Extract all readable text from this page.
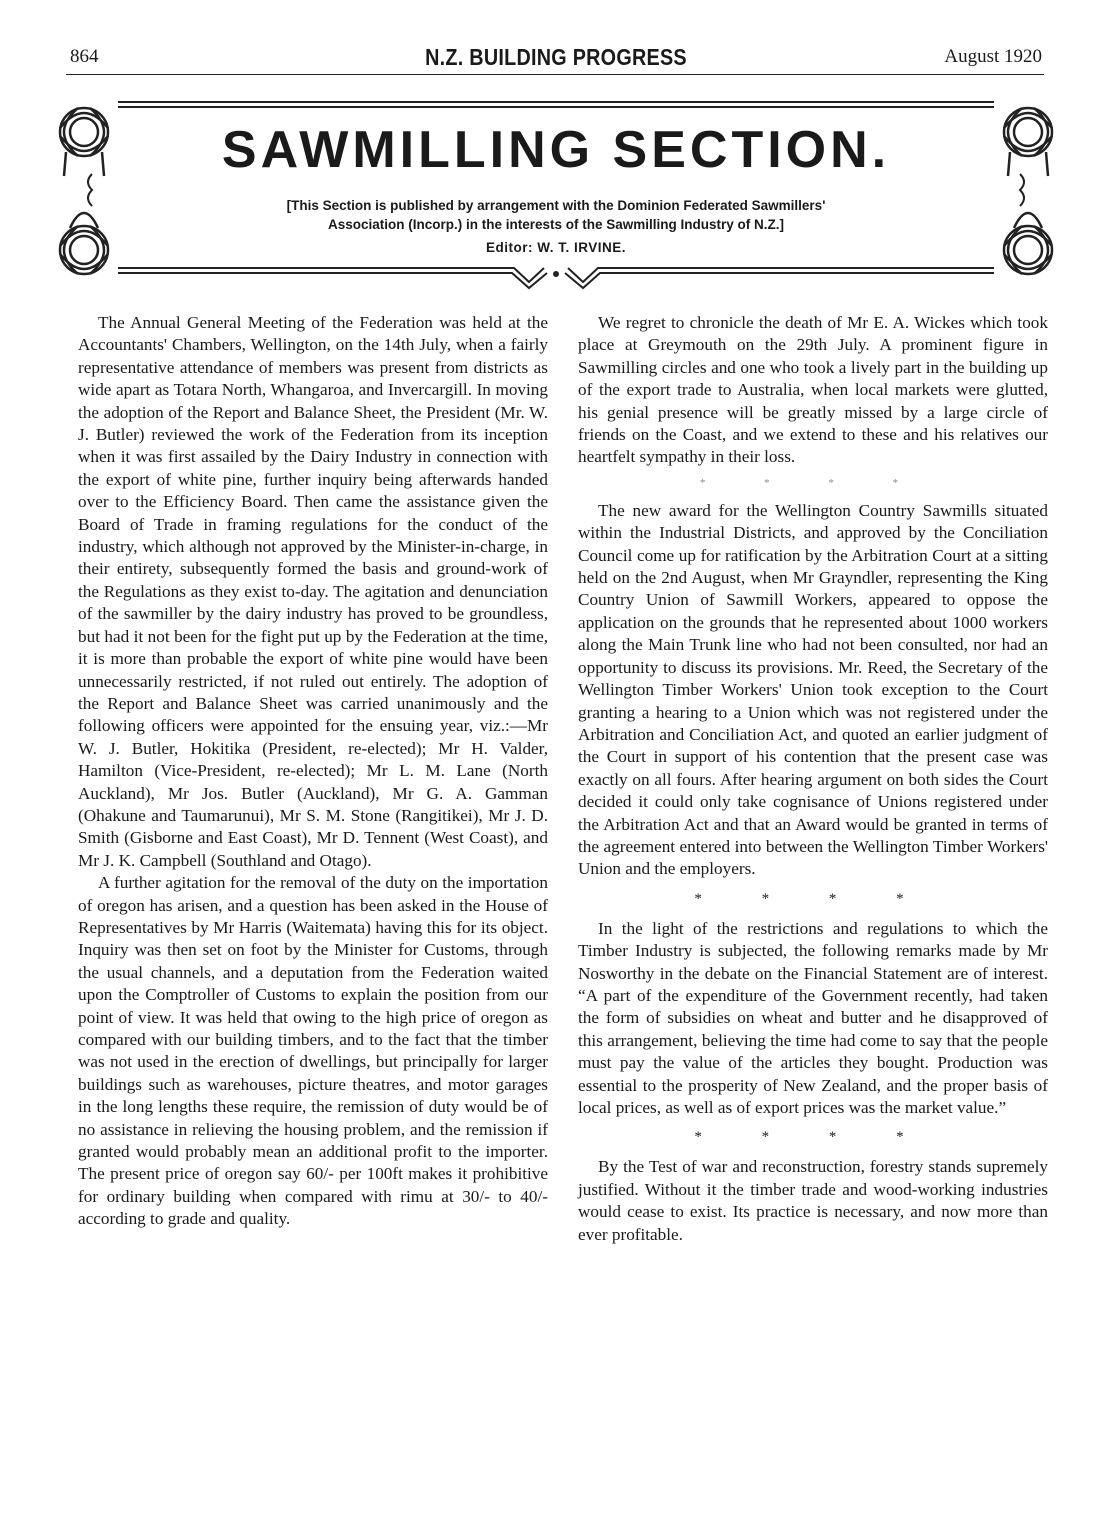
864	N.Z. BUILDING PROGRESS	August 1920
SAWMILLING SECTION.
[This Section is published by arrangement with the Dominion Federated Sawmillers'
Association (Incorp.) in the interests of the Sawmilling Industry of N.Z.]
Editor: W. T. IRVINE.

The Annual General Meeting of the Federation was held at the Accountants' Chambers, Wellington, on the 14th July, when a fairly representative attendance of members was present from districts as wide apart as Totara North, Whangaroa, and Invercargill. In moving the adoption of the Report and Balance Sheet, the President (Mr. W. J. Butler) reviewed the work of the Federation from its inception when it was first assailed by the Dairy Industry in connection with the export of white pine, further inquiry being afterwards handed over to the Efficiency Board. Then came the assistance given the Board of Trade in framing regulations for the conduct of the industry, which although not approved by the Minister-in-charge, in their entirety, subsequently formed the basis and ground-work of the Regulations as they exist to-day. The agitation and denunciation of the sawmiller by the dairy industry has proved to be groundless, but had it not been for the fight put up by the Federation at the time, it is more than probable the export of white pine would have been unnecessarily restricted, if not ruled out entirely. The adoption of the Report and Balance Sheet was carried unanimously and the following officers were appointed for the ensuing year, viz.:—Mr W. J. Butler, Hokitika (President, re-elected); Mr H. Valder, Hamilton (Vice-President, re-elected); Mr L. M. Lane (North Auckland), Mr Jos. Butler (Auckland), Mr G. A. Gamman (Ohakune and Taumarunui), Mr S. M. Stone (Rangitikei), Mr J. D. Smith (Gisborne and East Coast), Mr D. Tennent (West Coast), and Mr J. K. Campbell (Southland and Otago).

A further agitation for the removal of the duty on the importation of oregon has arisen, and a question has been asked in the House of Representatives by Mr Harris (Waitemata) having this for its object. Inquiry was then set on foot by the Minister for Customs, through the usual channels, and a deputation from the Federation waited upon the Comptroller of Customs to explain the position from our point of view. It was held that owing to the high price of oregon as compared with our building timbers, and to the fact that the timber was not used in the erection of dwellings, but principally for larger buildings such as warehouses, picture theatres, and motor garages in the long lengths these require, the remission of duty would be of no assistance in relieving the housing problem, and the remission if granted would probably mean an additional profit to the importer. The present price of oregon say 60/- per 100ft makes it prohibitive for ordinary building when compared with rimu at 30/- to 40/- according to grade and quality.

We regret to chronicle the death of Mr E. A. Wickes which took place at Greymouth on the 29th July. A prominent figure in Sawmilling circles and one who took a lively part in the building up of the export trade to Australia, when local markets were glutted, his genial presence will be greatly missed by a large circle of friends on the Coast, and we extend to these and his relatives our heartfelt sympathy in their loss.

* * * *

The new award for the Wellington Country Sawmills situated within the Industrial Districts, and approved by the Conciliation Council come up for ratification by the Arbitration Court at a sitting held on the 2nd August, when Mr Grayndler, representing the King Country Union of Sawmill Workers, appeared to oppose the application on the grounds that he represented about 1000 workers along the Main Trunk line who had not been consulted, nor had an opportunity to discuss its provisions. Mr. Reed, the Secretary of the Wellington Timber Workers' Union took exception to the Court granting a hearing to a Union which was not registered under the Arbitration and Conciliation Act, and quoted an earlier judgment of the Court in support of his contention that the present case was exactly on all fours. After hearing argument on both sides the Court decided it could only take cognisance of Unions registered under the Arbitration Act and that an Award would be granted in terms of the agreement entered into between the Wellington Timber Workers' Union and the employers.

* * * *

In the light of the restrictions and regulations to which the Timber Industry is subjected, the following remarks made by Mr Nosworthy in the debate on the Financial Statement are of interest. “A part of the expenditure of the Government recently, had taken the form of subsidies on wheat and butter and he disapproved of this arrangement, believing the time had come to say that the people must pay the value of the articles they bought. Production was essential to the prosperity of New Zealand, and the proper basis of local prices, as well as of export prices was the market value.”

* * * *

By the Test of war and reconstruction, forestry stands supremely justified. Without it the timber trade and wood-working industries would cease to exist. Its practice is necessary, and now more than ever profitable.
